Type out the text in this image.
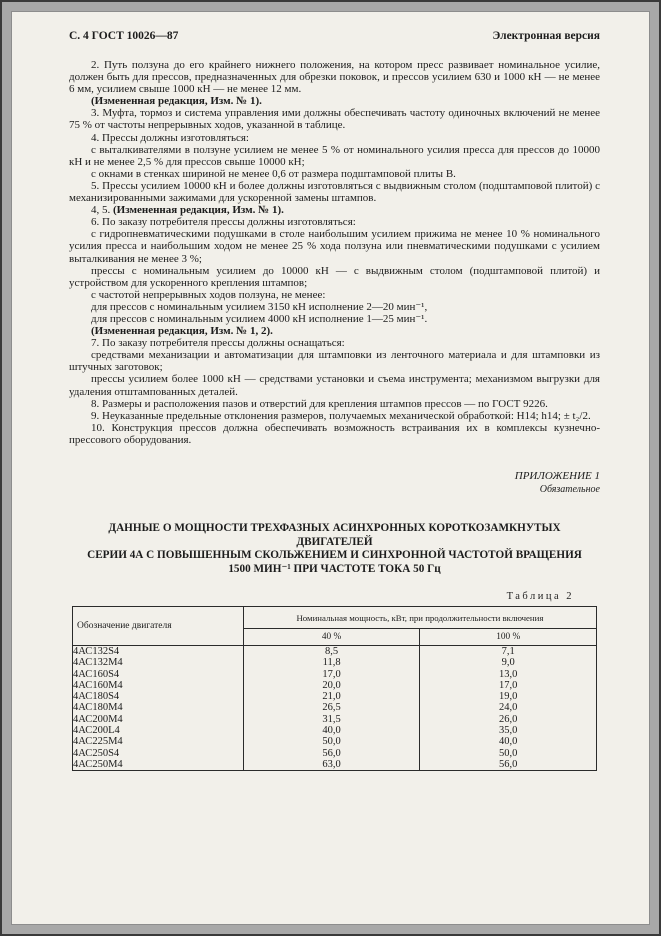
С. 4 ГОСТ 10026—87	Электронная версия
2. Путь ползуна до его крайнего нижнего положения, на котором пресс развивает номинальное усилие, должен быть для прессов, предназначенных для обрезки поковок, и прессов усилием 630 и 1000 кН — не менее 6 мм, усилием свыше 1000 кН — не менее 12 мм.
(Измененная редакция, Изм. № 1).
3. Муфта, тормоз и система управления ими должны обеспечивать частоту одиночных включений не менее 75 % от частоты непрерывных ходов, указанной в таблице.
4. Прессы должны изготовляться:
с выталкивателями в ползуне усилием не менее 5 % от номинального усилия пресса для прессов до 10000 кН и не менее 2,5 % для прессов свыше 10000 кН;
с окнами в стенках шириной не менее 0,6 от размера подштамповой плиты В.
5. Прессы усилием 10000 кН и более должны изготовляться с выдвижным столом (подштамповой плитой) с механизированными зажимами для ускоренной замены штампов.
4, 5. (Измененная редакция, Изм. № 1).
6. По заказу потребителя прессы должны изготовляться:
с гидропневматическими подушками в столе наибольшим усилием прижима не менее 10 % номинального усилия пресса и наибольшим ходом не менее 25 % хода ползуна или пневматическими подушками с усилием выталкивания не менее 3 %;
прессы с номинальным усилием до 10000 кН — с выдвижным столом (подштамповой плитой) и устройством для ускоренного крепления штампов;
с частотой непрерывных ходов ползуна, не менее:
для прессов с номинальным усилием 3150 кН исполнение 2—20 мин⁻¹,
для прессов с номинальным усилием 4000 кН исполнение 1—25 мин⁻¹.
(Измененная редакция, Изм. № 1, 2).
7. По заказу потребителя прессы должны оснащаться:
средствами механизации и автоматизации для штамповки из ленточного материала и для штамповки из штучных заготовок;
прессы усилием более 1000 кН — средствами установки и съема инструмента; механизмом выгрузки для удаления отштампованных деталей.
8. Размеры и расположения пазов и отверстий для крепления штампов прессов — по ГОСТ 9226.
9. Неуказанные предельные отклонения размеров, получаемых механической обработкой: Н14; h14; ± t₂/2.
10. Конструкция прессов должна обеспечивать возможность встраивания их в комплексы кузнечно-прессового оборудования.
ПРИЛОЖЕНИЕ 1
Обязательное
ДАННЫЕ О МОЩНОСТИ ТРЕХФАЗНЫХ АСИНХРОННЫХ КОРОТКОЗАМКНУТЫХ ДВИГАТЕЛЕЙ
СЕРИИ 4А С ПОВЫШЕННЫМ СКОЛЬЖЕНИЕМ И СИНХРОННОЙ ЧАСТОТОЙ ВРАЩЕНИЯ
1500 МИН⁻¹ ПРИ ЧАСТОТЕ ТОКА 50 Гц
Таблица 2
Обозначение двигателя	Номинальная мощность, кВт, при продолжительности включения	
	40 %	100 %
4АС132S4	8,5	7,1
4АС132М4	11,8	9,0
4АС160S4	17,0	13,0
4АС160М4	20,0	17,0
4АС180S4	21,0	19,0
4АС180М4	26,5	24,0
4АС200М4	31,5	26,0
4АС200L4	40,0	35,0
4АС225М4	50,0	40,0
4АС250S4	56,0	50,0
4АС250М4	63,0	56,0
